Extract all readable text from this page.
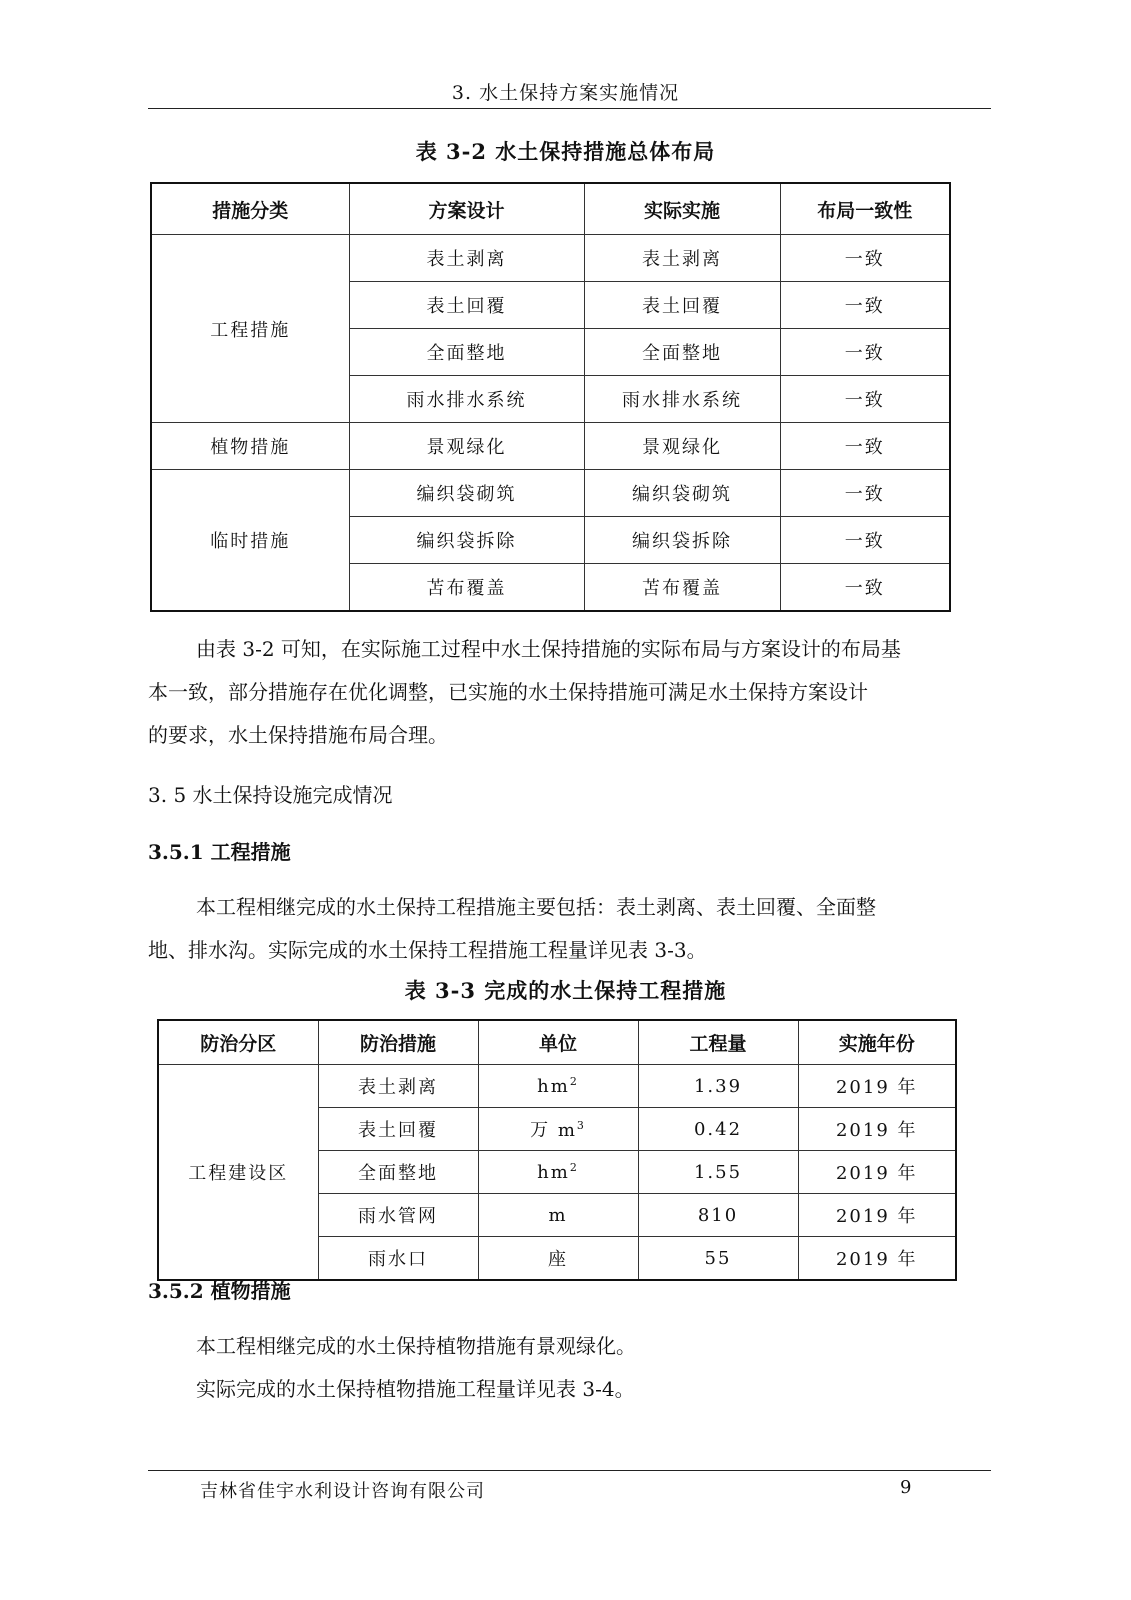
3. 水土保持方案实施情况
表 3-2 水土保持措施总体布局
措施分类	方案设计	实际实施	布局一致性
工程措施	表土剥离	表土剥离	一致
	表土回覆	表土回覆	一致
	全面整地	全面整地	一致
	雨水排水系统	雨水排水系统	一致
植物措施	景观绿化	景观绿化	一致
临时措施	编织袋砌筑	编织袋砌筑	一致
	编织袋拆除	编织袋拆除	一致
	苫布覆盖	苫布覆盖	一致
由表 3-2 可知，在实际施工过程中水土保持措施的实际布局与方案设计的布局基
本一致，部分措施存在优化调整，已实施的水土保持措施可满足水土保持方案设计
的要求，水土保持措施布局合理。
3. 5 水土保持设施完成情况
3.5.1 工程措施
本工程相继完成的水土保持工程措施主要包括：表土剥离、表土回覆、全面整
地、排水沟。实际完成的水土保持工程措施工程量详见表 3-3。
表 3-3 完成的水土保持工程措施
防治分区	防治措施	单位	工程量	实施年份
工程建设区	表土剥离	$hm^2$	1.39	2019 年
	表土回覆	万 $m^3$	0.42	2019 年
	全面整地	$hm^2$	1.55	2019 年
	雨水管网	m	810	2019 年
	雨水口	座	55	2019 年
3.5.2 植物措施
本工程相继完成的水土保持植物措施有景观绿化。
实际完成的水土保持植物措施工程量详见表 3-4。
吉林省佳宇水利设计咨询有限公司	9
